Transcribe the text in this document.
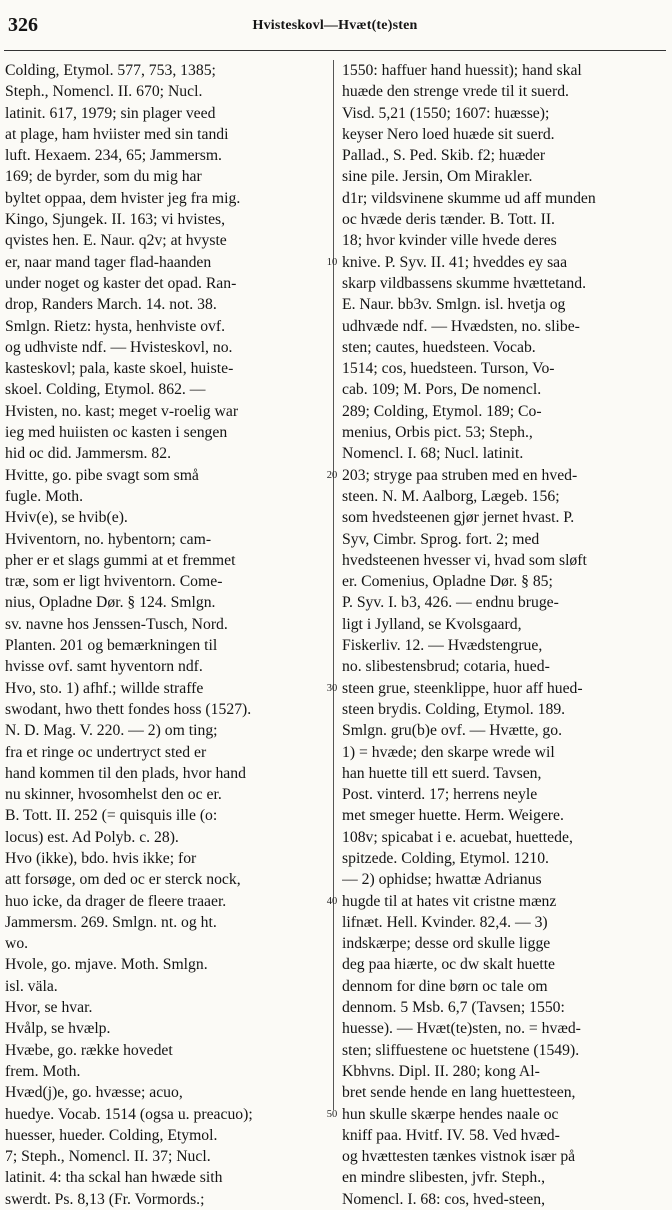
326	Hvisteskovl—Hvæt(te)sten
Colding, Etymol. 577, 753, 1385;
Steph., Nomencl. II. 670; Nucl.
latinit. 617, 1979; sin plager veed
at plage, ham hviister med sin tandi
luft. Hexaem. 234, 65; Jammersm.
169; de byrder, som du mig har
byltet oppaa, dem hvister jeg fra mig.
Kingo, Sjungek. II. 163; vi hvistes,
qvistes hen. E. Naur. q2v; at hvyste
er, naar mand tager flad-haanden
under noget og kaster det opad. Ran-
drop, Randers March. 14. not. 38.
Smlgn. Rietz: hysta, henhviste ovf.
og udhviste ndf. — Hvisteskovl, no.
kasteskovl; pala, kaste skoel, huiste-
skoel. Colding, Etymol. 862. —
Hvisten, no. kast; meget v-roelig war
ieg med huiisten oc kasten i sengen
hid oc did. Jammersm. 82.
Hvitte, go. pibe svagt som små
fugle. Moth.
Hviv(e), se hvib(e).
Hviventorn, no. hybentorn; cam-
pher er et slags gummi at et fremmet
træ, som er ligt hviventorn. Come-
nius, Opladne Dør. § 124. Smlgn.
sv. navne hos Jenssen-Tusch, Nord.
Planten. 201 og bemærkningen til
hvisse ovf. samt hyventorn ndf.
Hvo, sto. 1) afhf.; willde straffe
swodant, hwo thett fondes hoss (1527).
N. D. Mag. V. 220. — 2) om ting;
fra et ringe oc undertryct sted er
hand kommen til den plads, hvor hand
nu skinner, hvosomhelst den oc er.
B. Tott. II. 252 (= quisquis ille (o:
locus) est. Ad Polyb. c. 28).
Hvo (ikke), bdo. hvis ikke; for
att forsøge, om ded oc er sterck nock,
huo icke, da drager de fleere traaer.
Jammersm. 269. Smlgn. nt. og ht.
wo.
Hvole, go. mjave. Moth. Smlgn.
isl. väla.
Hvor, se hvar.
Hvålp, se hvælp.
Hvæbe, go. række hovedet
frem. Moth.
Hvæd(j)e, go. hvæsse; acuo,
huedye. Vocab. 1514 (ogsa u. preacuo);
huesser, hueder. Colding, Etymol.
7; Steph., Nomencl. II. 37; Nucl.
latinit. 4: tha sckal han hwæde sith
swerdt. Ps. 8,13 (Fr. Vormords.;
10
20
30
40
50
1550: haffuer hand huessit); hand skal
huæde den strenge vrede til it suerd.
Visd. 5,21 (1550; 1607: huæsse);
keyser Nero loed huæde sit suerd.
Pallad., S. Ped. Skib. f2; huæder
sine pile. Jersin, Om Mirakler.
d1r; vildsvinene skumme ud aff munden
oc hvæde deris tænder. B. Tott. II.
18; hvor kvinder ville hvede deres
knive. P. Syv. II. 41; hveddes ey saa
skarp vildbassens skumme hvættetand.
E. Naur. bb3v. Smlgn. isl. hvetja og
udhvæde ndf. — Hvædsten, no. slibe-
sten; cautes, huedsteen. Vocab.
1514; cos, huedsteen. Turson, Vo-
cab. 109; M. Pors, De nomencl.
289; Colding, Etymol. 189; Co-
menius, Orbis pict. 53; Steph.,
Nomencl. I. 68; Nucl. latinit.
203; stryge paa struben med en hved-
steen. N. M. Aalborg, Lægeb. 156;
som hvedsteenen gjør jernet hvast. P.
Syv, Cimbr. Sprog. fort. 2; med
hvedsteenen hvesser vi, hvad som sløft
er. Comenius, Opladne Dør. § 85;
P. Syv. I. b3, 426. — endnu bruge-
ligt i Jylland, se Kvolsgaard,
Fiskerliv. 12. — Hvædstengrue,
no. slibestensbrud; cotaria, hued-
steen grue, steenklippe, huor aff hued-
steen brydis. Colding, Etymol. 189.
Smlgn. gru(b)e ovf. — Hvætte, go.
1) = hvæde; den skarpe wrede wil
han huette till ett suerd. Tavsen,
Post. vinterd. 17; herrens neyle
met smeger huette. Herm. Weigere.
108v; spicabat i e. acuebat, huettede,
spitzede. Colding, Etymol. 1210.
— 2) ophidse; hwattæ Adrianus
hugde til at hates vit cristne mænz
lifnæt. Hell. Kvinder. 82,4. — 3)
indskærpe; desse ord skulle ligge
deg paa hiærte, oc dw skalt huette
dennom for dine børn oc tale om
dennom. 5 Msb. 6,7 (Tavsen; 1550:
huesse). — Hvæt(te)sten, no. = hvæd-
sten; sliffuestene oc huetstene (1549).
Kbhvns. Dipl. II. 280; kong Al-
bret sende hende en lang huettesteen,
hun skulle skærpe hendes naale oc
kniff paa. Hvitf. IV. 58. Ved hvæd-
og hvættesten tænkes vistnok især på
en mindre slibesten, jvfr. Steph.,
Nomencl. I. 68: cos, hved-steen,
